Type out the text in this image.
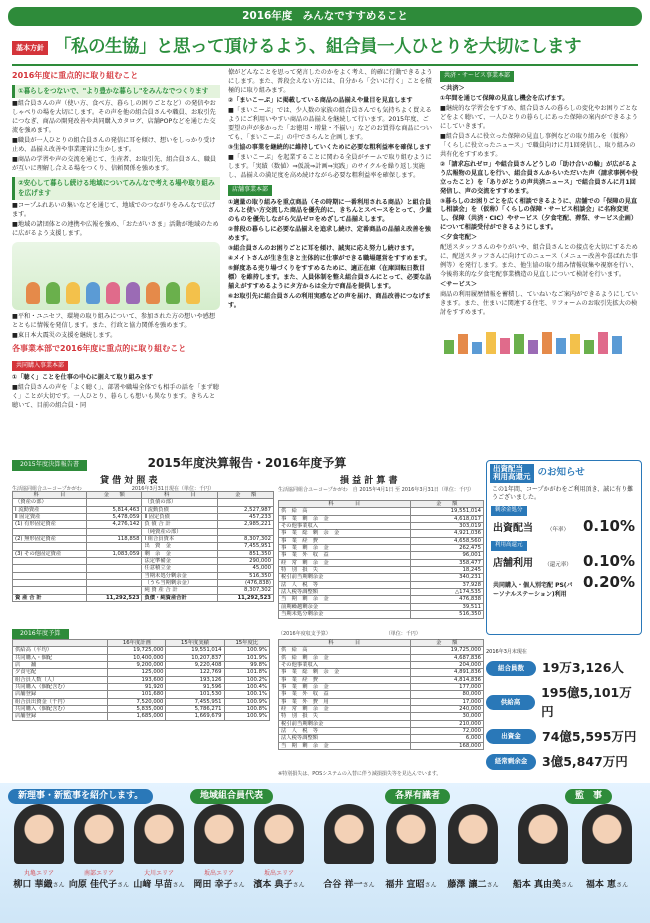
2016年度　みんなですすめること
基本方針 「私の生協」と思って頂けるよう、組合員一人ひとりを大切にします
2016年度に重点的に取り組むこと
①暮らしをつないで、"より豊かな暮らし"をみんなでつくります

■組合員さんの声（使い方、食べ方、暮らしの困りごとなど）の発信やおしゃべりの場を大切にします。その声を他の組合員さんや職員、お取引先につなぎ、商品の開発改善や共同購入カタログ、店舗POPなどを通じた交流を強めます。

■職員が一人ひとりの組合員さんの発信に耳を傾け、想いをしっかり受け止め、品揃え改善や事業運営に生かします。

■商品の学習や声の交流を通じて、生産者、お取引先、組合員さん、職員が互いに理解し合える場をつくり、信頼関係を強めます。

②安心して暮らし続ける地域についてみんなで考える場や取り組みを広げます

■コープふれあいの集いなどを通じて、地域でのつながりをみんなで広げます。

■地域の諸団体との連携や広報を強め、「おたがいさま」活動が地域のために広がるよう支援します。

■平和・ユニセフ、環境の取り組みについて、参加された方の想いや感想とともに情報を発信します。また、行政と協力関係を強めます。

■東日本大震災の支援を継続します。

各事業本部で2016年度に重点的に取り組むこと
共同購入事業本部

①「聴く」ことを仕事の中心に据えて取り組みます

■組合員さんの声を「よく聴く」、部署や職場全体でも相手の話を「まず聴く」ことが大切です。一人ひとり、暮らしも想いも異なります。きちんと聴いて、目前の組合員・同

僚がどんなことを思って発言したのかをよく考え、的確に行動できるようにします。また、普段会えない方には、自分から「会いに行く」ことを積極的に取り組みます。

②「まいこーぷ」に掲載している商品の品揃えや量目を見直します

■「まいこーぷ」では、少人数の家族の組合員さんでも気持ちよく買えるようにご利用いやすい商品の品揃えを継続して行います。2015年度、ご要望の声が多かった「お徳用・増量・不揃い」などのお買得な商品についても、「まいこーぷ」の中でさらんと企画します。

③生協の事業を継続的に維持していくために必要な粗利益率を確保します

■「まいこーぷ」を起業することに関わる全員がチームで取り組むようにします。「実績（数値）⇒仮説⇒計画⇒実践」のサイクルを繰り返し実施し、品揃えの満足度を高め続けながら必要な粗利益率を確保します。

店舗事業本部

①適量の取り組みを重点商品（その時期に一番利用される商品）と組合員さんと使い方交流した商品を優先的に、きちんとスペースをとって、少量のものを優先しながら欠品ゼロをめざして品揃えします。

②普段の暮らしに必要な品揃えを追求し続け、定番商品の品揃え改善を強めます。

③組合員さんのお困りごとに耳を傾け、誠実に応え努力し続けます。

④メイトさんが生き生きと主体的に仕事ができる職場運営をすすめます。

⑤鮮度ある売り場づくりをすすめるために、適正在庫（在庫回転日数目標）を維持します。また、人員体制を整え組合員さんにとって、必要な品揃えがすすめるようにタ方からは全力で商品を提供します。

⑥お取引先に組合員さんの利用実感などの声を届け、商品改善につなげます。

共済・サービス事業本部

＜共済＞

①年間を通じて保障の見直し機会を広げます。

■継続的な学習会をすすめ、組合員さんの暮らしの変化やお困りごとなどをよく聴いて、一人ひとりの暮らしにあった保障の案内ができるようにしていきます。

■組合員さんに役立った保障の見直し事例などの取り組みを（仮称）「くらしに役立ったニュース」で職員向けに月1回発信し、取り組みの共有化をすすめます。

②「請求忘れゼロ」や組合員さんどうしの「助け合いの輪」が広がるよう広報物の見直しを行い、組合員さんからいただいた声（請求事例や役立ったこと）を「ありがとうの声共済ニュース」で組合員さんに月1回発信し、声の交流をすすめます。

③暮らしのお困りごとを広く相談できるように、店舗での「保障の見直し相談会」を（仮称）「くらしの保障・サービス相談会」に名称変更し、保障（共済・CIC）やサービス（夕食宅配、葬祭、サービス企画）について相談受付ができるようにします。

＜夕食宅配＞

配送スタッフさんのやりがいや、組合員さんとの接点を大切にするために、配送スタッフさんに向けてのニュース（メニュー改善や喜ばれた事例等）を発行します。また、他生協の取り組み情報収集や視察を行い、今後将来的な夕食宅配事業構造の見直しについて検討を行います。

＜サービス＞

商品の利用履歴情報を蓄積し、ていねいなご案内ができるようにしていきます。また、住まいに関連する住宅、リフォームのお取引先拡大の検討をすすめます。

2015年度決算報告書	2015年度決算報告・2016年度予算
貸 借 対 照 表
生活協同組合ユーコープかがわ　　　　　　　　　　2016年3月31日現在（単位：千円）
科　　　　目	金　　額	科　　　　目	金　　額
（資産の部）		（負債の部）	
Ⅰ 流動資産	5,814,463	Ⅰ 流動負債	2,527,987
Ⅱ 固定資産	5,478,059	Ⅱ 固定負債	457,233
(1) 有形固定資産	4,276,142	負 債 合 計	2,985,221
		（純資産の部）	
(2) 無形固定資産	118,858	Ⅰ 組合員資本	8,307,302
		出　資　金	7,455,951
(3) その他固定資産	1,083,059	剰　余　金	851,350
		法定準備金	290,000
		任意積立金	45,000
		当期未処分剰余金	516,350
		（うち当期剰余金）	(476,838)
		純 資 産 合 計	8,307,302
資 産 合 計	11,292,523	負債・純資産合計	11,292,523
損 益 計 算 書
生活協同組合ユーコープかがわ　自 2015年4月1日 至 2016年3月31日（単位：千円）
科　　　　目	金　　額
供　給　高	19,551,014
事　業　剰　余　金	4,618,017
その他事業収入	303,019
事　業　総　剰　余　金	4,921,036
事　業　経　費	4,658,560
事　業　剰　余　金	262,475
事　業　外　収　益	96,001
経　常　剰　余　金	358,477
特　別　損　失	18,245
税引前当期剰余金	340,231
法　人　税　等	37,928
法人税等調整額	△174,535
当　期　剰　余　金	476,838
前期繰越剰余金	39,511
当期未処分剰余金	516,350
2016年度予算
	16年度計画	15年度実績	15年度比
供給高（平均）	19,725,000	19,551,014	100.9%
共同購入・個配	10,400,000	10,207,837	101.9%
店　　舗	9,200,000	9,220,408	99.8%
夕食宅配	125,000	122,769	101.8%
組合員人数（人）	193,600	193,126	100.2%
共同購入（個配含む）	91,920	91,596	100.4%
店舗登録	101,680	101,530	100.1%
組合員出資金（千円）	7,520,000	7,455,951	100.9%
共同購入（個配含む）	5,835,000	5,786,271	100.8%
店舗登録	1,685,000	1,669,679	100.9%
（2016年度収支予算）　　　　　　　　　　　　（単位：千円）
科　　　　目	金　　額
供　給　高	19,725,000
供　給　剰　余　金	4,687,836
その他事業収入	204,000
事　業　総　剰　余　金	4,891,836
事　業　経　費	4,814,836
事　業　剰　余　金	177,000
事　業　外　収　益	80,000
事　業　外　費　用	17,000
経　常　剰　余　金	240,000
特　別　損　失	30,000
税引前当期剰余金	210,000
法　人　税　等	72,000
法人税等調整額	6,000
当　期　剰　余　金	168,000
※特別損失は、POSシステムの入替に伴う減損損失等を見込んでいます。
出資配当
利用高還元 のお知らせ
この1年間、コープかがわをご利用頂き、誠に有り難うございました。
剰余金処分
出資配当	（年率） 0.10%
利用高還元
店舗利用 （還元率） 0.10%
共同購入・個人別宅配 PS(パーソナルステーション)利用
0.20%
2016年3月末現在
組合員数	19万3,126人
供給高
195億5,101万円
出資金	74億5,595万円
経常剰余金	3億5,847万円
新理事・新監事を紹介します。	地域組合員代表	各界有識者	監　事
丸亀エリア
柳口 華織さん
南部エリア
向原 佳代子さん
大川エリア
山﨑 早苗さん
坂出エリア
岡田 幸子さん
坂出エリア
濱本 典子さん
	合谷 祥一さん
	福井 宣昭さん
	藤澤 讓二さん
	船本 真由美さん
	福本 恵さん
